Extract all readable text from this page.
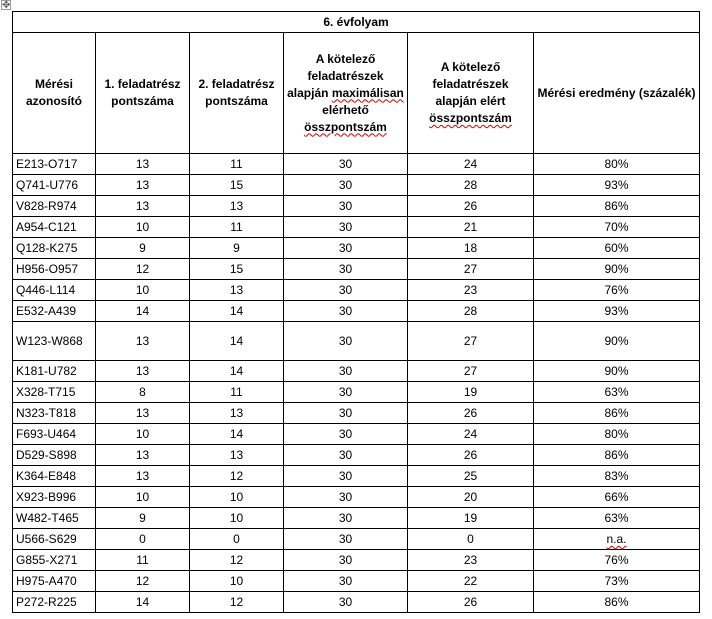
✥
6. évfolyam					
Mérési azonosító	1. feladatrész pontszáma	2. feladatrész pontszáma	A kötelező feladatrészek alapján maximálisan elérhető összpontszám	A kötelező feladatrészek alapján elért összpontszám	Mérési eredmény (százalék)
E213-O717	13	11	30	24	80%
Q741-U776	13	15	30	28	93%
V828-R974	13	13	30	26	86%
A954-C121	10	11	30	21	70%
Q128-K275	9	9	30	18	60%
H956-O957	12	15	30	27	90%
Q446-L114	10	13	30	23	76%
E532-A439	14	14	30	28	93%
W123-W868	13	14	30	27	90%
K181-U782	13	14	30	27	90%
X328-T715	8	11	30	19	63%
N323-T818	13	13	30	26	86%
F693-U464	10	14	30	24	80%
D529-S898	13	13	30	26	86%
K364-E848	13	12	30	25	83%
X923-B996	10	10	30	20	66%
W482-T465	9	10	30	19	63%
U566-S629	0	0	30	0	n.a.
G855-X271	11	12	30	23	76%
H975-A470	12	10	30	22	73%
P272-R225	14	12	30	26	86%
